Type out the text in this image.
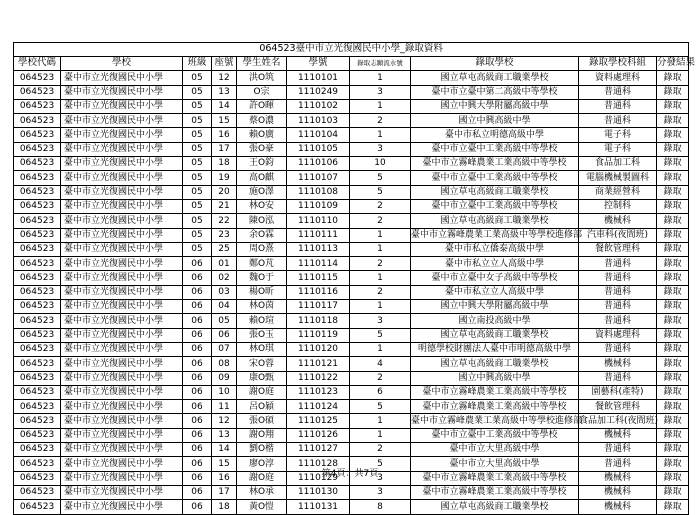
064523臺中市立光復國民中小學_錄取資料									
學校代碼	學校	班級	座號	學生姓名	學號	錄取志願流水號	錄取學校	錄取學校科組	分發結果
064523	臺中市立光復國民中小學	05	12	洪O筑	1110101	1	國立草屯高級商工職業學校	資料處理科	錄取
064523	臺中市立光復國民中小學	05	13	O宗	1110249	3	臺中市立臺中第二高級中等學校	普通科	錄取
064523	臺中市立光復國民中小學	05	14	許O暉	1110102	1	國立中興大學附屬高級中學	普通科	錄取
064523	臺中市立光復國民中小學	05	15	蔡O濃	1110103	2	國立中興高級中學	普通科	錄取
064523	臺中市立光復國民中小學	05	16	賴O廣	1110104	1	臺中市私立明德高級中學	電子科	錄取
064523	臺中市立光復國民中小學	05	17	張O豪	1110105	3	臺中市立臺中工業高級中等學校	電子科	錄取
064523	臺中市立光復國民中小學	05	18	王O鈞	1110106	10	臺中市立霧峰農業工業高級中等學校	食品加工科	錄取
064523	臺中市立光復國民中小學	05	19	高O麒	1110107	5	臺中市立臺中工業高級中等學校	電腦機械製圖科	錄取
064523	臺中市立光復國民中小學	05	20	施O澤	1110108	5	國立草屯高級商工職業學校	商業經營科	錄取
064523	臺中市立光復國民中小學	05	21	林O安	1110109	2	臺中市立臺中工業高級中等學校	控制科	錄取
064523	臺中市立光復國民中小學	05	22	陳O泓	1110110	2	國立草屯高級商工職業學校	機械科	錄取
064523	臺中市立光復國民中小學	05	23	余O霖	1110111	1	臺中市立霧峰農業工業高級中等學校進修部	汽車科(夜間班)	錄取
064523	臺中市立光復國民中小學	05	25	周O熹	1110113	1	臺中市私立僑泰高級中學	餐飲管理科	錄取
064523	臺中市立光復國民中小學	06	01	鄭O芃	1110114	2	臺中市私立立人高級中學	普通科	錄取
064523	臺中市立光復國民中小學	06	02	魏O于	1110115	1	臺中市立臺中女子高級中等學校	普通科	錄取
064523	臺中市立光復國民中小學	06	03	楊O昕	1110116	2	臺中市私立立人高級中學	普通科	錄取
064523	臺中市立光復國民中小學	06	04	林O茵	1110117	1	國立中興大學附屬高級中學	普通科	錄取
064523	臺中市立光復國民中小學	06	05	賴O瑄	1110118	3	國立南投高級中學	普通科	錄取
064523	臺中市立光復國民中小學	06	06	張O玉	1110119	5	國立草屯高級商工職業學校	資料處理科	錄取
064523	臺中市立光復國民中小學	06	07	林O琪	1110120	1	明德學校財團法人臺中市明德高級中學	普通科	錄取
064523	臺中市立光復國民中小學	06	08	宋O蓉	1110121	4	國立草屯高級商工職業學校	機械科	錄取
064523	臺中市立光復國民中小學	06	09	康O甄	1110122	2	國立中興高級中學	普通科	錄取
064523	臺中市立光復國民中小學	06	10	謝O庭	1110123	6	臺中市立霧峰農業工業高級中等學校	園藝科(產特)	錄取
064523	臺中市立光復國民中小學	06	11	呂O穎	1110124	5	臺中市立霧峰農業工業高級中等學校	餐飲管理科	錄取
064523	臺中市立光復國民中小學	06	12	張O碩	1110125	1	臺中市立霧峰農業工業高級中等學校進修部	食品加工科(夜間班)	錄取
064523	臺中市立光復國民中小學	06	13	謝O翔	1110126	1	臺中市立臺中工業高級中等學校	機械科	錄取
064523	臺中市立光復國民中小學	06	14	劉O楷	1110127	2	臺中市立大里高級中學	普通科	錄取
064523	臺中市立光復國民中小學	06	15	廖O淳	1110128	5	臺中市立大里高級中學	普通科	錄取
064523	臺中市立光復國民中小學	06	16	謝O庭	1110129	3	臺中市立霧峰農業工業高級中等學校	機械科	錄取
064523	臺中市立光復國民中小學	06	17	林O承	1110130	3	臺中市立霧峰農業工業高級中等學校	機械科	錄取
064523	臺中市立光復國民中小學	06	18	黃O愷	1110131	8	國立草屯高級商工職業學校	機械科	錄取
第4頁：共7頁
